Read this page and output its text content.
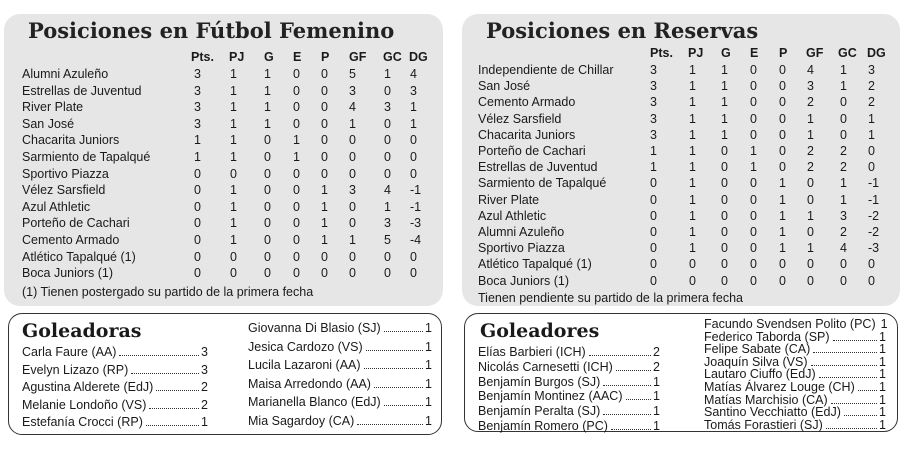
Posiciones en Fútbol Femenino
Pts. PJ G E P GF GC DG
Alumni Azuleño	3 1 1 0 0 5 1 4
Estrellas de Juventud	3 1 1 0 0 3 0 3
River Plate	3 1 1 0 0 4 3 1
San José	3 1 1 0 0 1 0 1
Chacarita Juniors	1 1 0 1 0 0 0 0
Sarmiento de Tapalqué	1 1 0 1 0 0 0 0
Sportivo Piazza	0 0 0 0 0 0 0 0
Vélez Sarsfield	0 1 0 0 1 3 4 -1
Azul Athletic	0 1 0 0 1 0 1 -1
Porteño de Cachari	0 1 0 0 1 0 3 -3
Cemento Armado	0 1 0 0 1 1 5 -4
Atlético Tapalqué (1)	0 0 0 0 0 0 0 0
Boca Juniors (1)	0 0 0 0 0 0 0 0
(1) Tienen postergado su partido de la primera fecha
Posiciones en Reservas
Pts. PJ G E P GF GC DG
Independiente de Chillar	3	1 1 0 0 4 1 3
San José	3	1 1 0 0 3 1 2
Cemento Armado	3	1 1 0 0 2 0 2
Vélez Sarsfield	3	1 1 0 0 1 0 1
Chacarita Juniors	3	1 1 0 0 1 0 1
Porteño de Cachari	1	1 0 1 0 2 2 0
Estrellas de Juventud	1	1 0 1 0 2 2 0
Sarmiento de Tapalqué	0	1 0 0 1 0 1 -1
River Plate	0	1 0 0 1 0 1 -1
Azul Athletic	0	1 0 0 1 1 3 -2
Alumni Azuleño	0	1 0 0 1 0 2 -2
Sportivo Piazza	0	1 0 0 1 1 4 -3
Atlético Tapalqué (1)	0	0 0 0 0 0 0 0
Boca Juniors (1)	0	0 0 0 0 0 0 0
Tienen pendiente su partido de la primera fecha
Goleadoras
Carla Faure (AA)	3
Evelyn Lizazo (RP)	3
Agustina Alderete (EdJ)	2
Melanie Londoño (VS)	2
Estefanía Crocci (RP)	1
Giovanna Di Blasio (SJ)	1
Jesica Cardozo (VS)	1
Lucila Lazaroni (AA)	1
Maisa Arredondo (AA)	1
Marianella Blanco (EdJ)	1
Mia Sagardoy (CA)	1
Goleadores
Elías Barbieri (ICH)	2
Nicolás Carnesetti (ICH)	2
Benjamín Burgos (SJ)	1
Benjamín Montinez (AAC) 1
Benjamín Peralta (SJ)	1
Benjamín Romero (PC)	1
Facundo Svendsen Polito (PC) 1
Federico Taborda (SP)	1
Felipe Sabate (CA)	1
Joaquín Silva (VS)	1
Lautaro Ciuffo (EdJ)	1
Matías Álvarez Louge (CH) 1
Matías Marchisio (CA)	1
Santino Vecchiatto (EdJ)	1
Tomás Forastieri (SJ)	1
